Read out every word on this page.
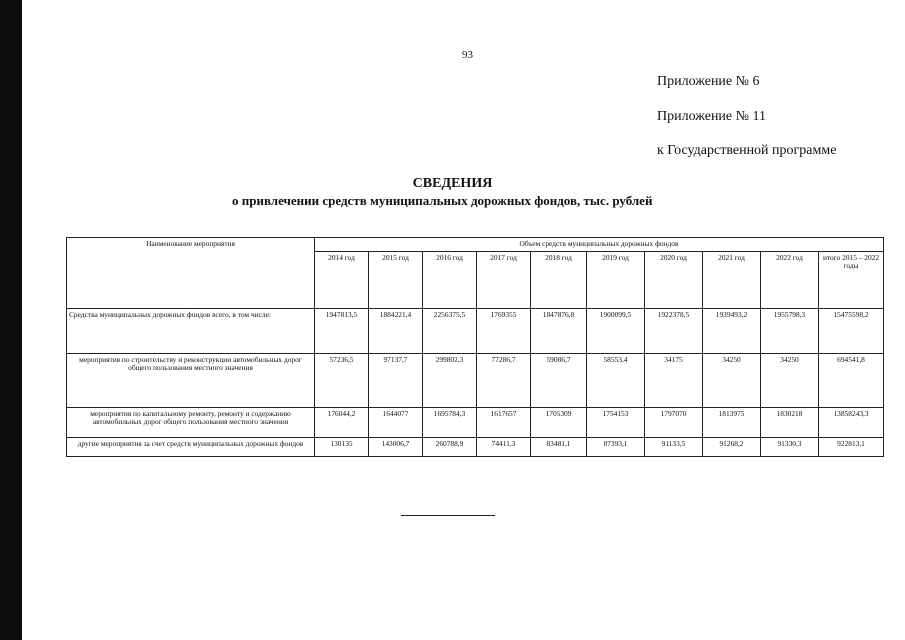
93
Приложение № 6
Приложение № 11
к Государственной программе
СВЕДЕНИЯ
о привлечении средств муниципальных дорожных фондов, тыс. рублей
Наименование мероприятия	Объем средств муниципальных дорожных фондов									
	2014 год	2015 год	2016 год	2017 год	2018 год	2019 год	2020 год	2021 год	2022 год	итого 2015 – 2022 годы
Средства муниципальных дорожных фондов всего, в том числе:	1947813,5	1884221,4	2256375,5	1769355	1847876,8	1900099,5	1922378,5	1939493,2	1955798,3	15475598,2
мероприятия по строительству и реконструкции автомобильных дорог общего пользования местного значения	57236,5	97137,7	299802,3	77286,7	59086,7	58553,4	34175	34250	34250	694541,8
мероприятия по капитальному ремонту, ремонту и содержанию автомобильных дорог общего пользования местного значения	176044,2	1644077	1695784,3	1617657	1705309	1754153	1797070	1813975	1830218	13858243,3
другие мероприятия за счет средств муниципальных дорожных фондов	130135	143006,7	260788,9	74411,3	83481,1	87393,1	91133,5	91268,2	91330,3	922813,1
